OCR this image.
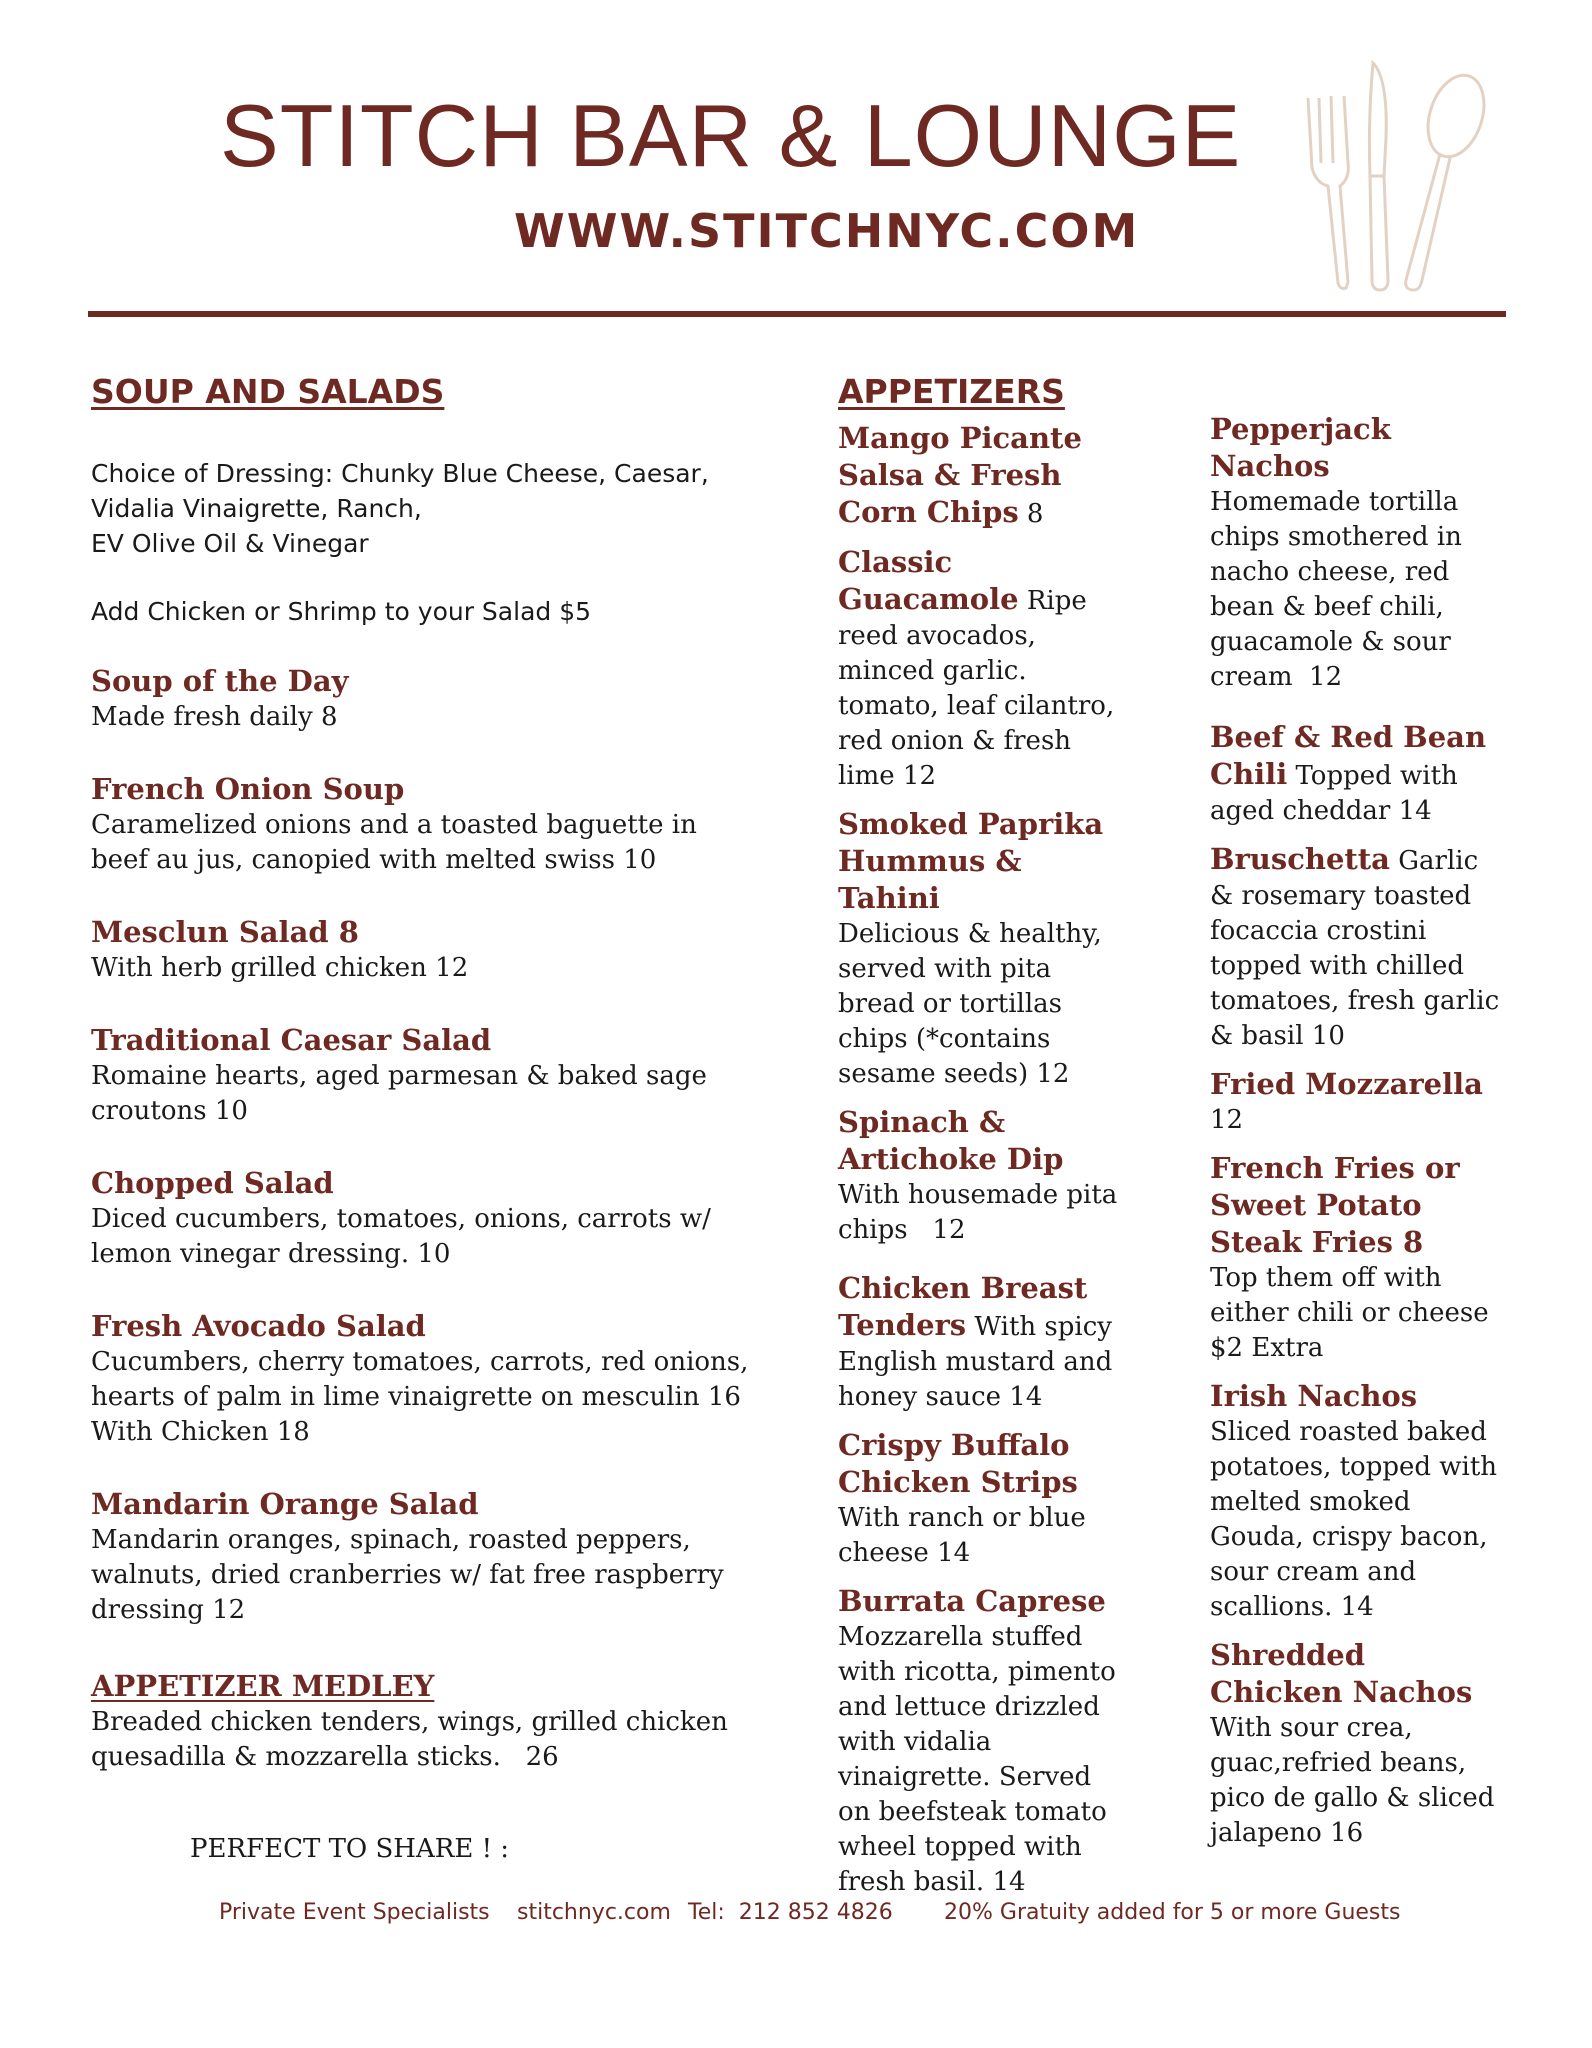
STITCH BAR & LOUNGE
WWW.STITCHNYC.COM

SOUP AND SALADS

Choice of Dressing: Chunky Blue Cheese, Caesar,
Vidalia Vinaigrette, Ranch,
EV Olive Oil & Vinegar

Add Chicken or Shrimp to your Salad $5

Soup of the Day
Made fresh daily 8
French Onion Soup
Caramelized onions and a toasted baguette in beef au jus, canopied with melted swiss 10
Mesclun Salad 8
With herb grilled chicken 12
Traditional Caesar Salad
Romaine hearts, aged parmesan & baked sage croutons 10
Chopped Salad
Diced cucumbers, tomatoes, onions, carrots w/ lemon vinegar dressing. 10
Fresh Avocado Salad
Cucumbers, cherry tomatoes, carrots, red onions, hearts of palm in lime vinaigrette on mesculin 16
With Chicken 18
Mandarin Orange Salad
Mandarin oranges, spinach, roasted peppers, walnuts, dried cranberries w/ fat free raspberry dressing 12
APPETIZER MEDLEY
Breaded chicken tenders, wings, grilled chicken quesadilla & mozzarella sticks.   26
PERFECT TO SHARE ! :

APPETIZERS

Mango Picante Salsa & Fresh Corn Chips 8
Classic Guacamole Ripe reed avocados, minced garlic. tomato, leaf cilantro, red onion & fresh lime 12
Smoked Paprika Hummus & Tahini
Delicious & healthy, served with pita bread or tortillas chips (*contains sesame seeds) 12
Spinach & Artichoke Dip
With housemade pita chips   12
Chicken Breast Tenders With spicy English mustard and honey sauce 14
Crispy Buffalo Chicken Strips
With ranch or blue cheese 14
Burrata Caprese
Mozzarella stuffed with ricotta, pimento and lettuce drizzled with vidalia vinaigrette. Served on beefsteak tomato wheel topped with fresh basil. 14
Pepperjack Nachos
Homemade tortilla chips smothered in nacho cheese, red bean & beef chili, guacamole & sour cream  12
Beef & Red Bean Chili Topped with aged cheddar 14
Bruschetta Garlic & rosemary toasted focaccia crostini topped with chilled tomatoes, fresh garlic & basil 10
Fried Mozzarella
12
French Fries or Sweet Potato Steak Fries 8
Top them off with either chili or cheese  $2 Extra
Irish Nachos
Sliced roasted baked potatoes, topped with melted smoked Gouda, crispy bacon, sour cream and scallions. 14
Shredded Chicken Nachos
With sour crea, guac,refried beans, pico de gallo & sliced jalapeno 16
Private Event Specialists stitchnyc.com Tel:  212 852 4826 20% Gratuity added for 5 or more Guests
